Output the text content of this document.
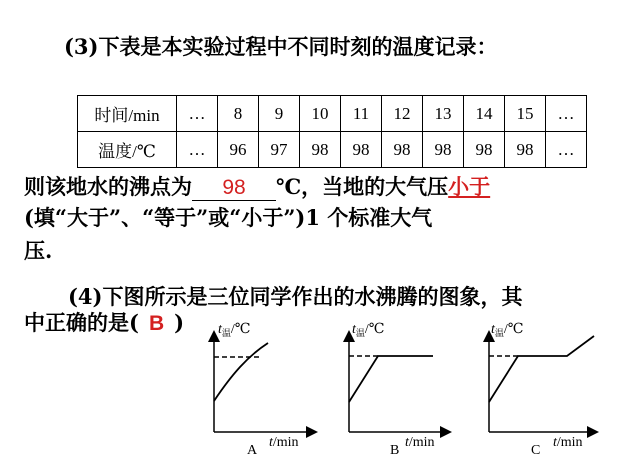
(3)下表是本实验过程中不同时刻的温度记录：
时间/min	…	8	9	10	11	12	13	14	15	…
温度/℃	…	96	97	98	98	98	98	98	98	…
则该地水的沸点为 98 ℃，当地的大气压小于
(填“大于”、“等于”或“小于”)1 个标准大气
压.
(4)下图所示是三位同学作出的水沸腾的图象，其
中正确的是( B ) $t_温/℃$
t/min
A
$t_温/℃$
t/min
B
$t_温/℃$
t/min
C
